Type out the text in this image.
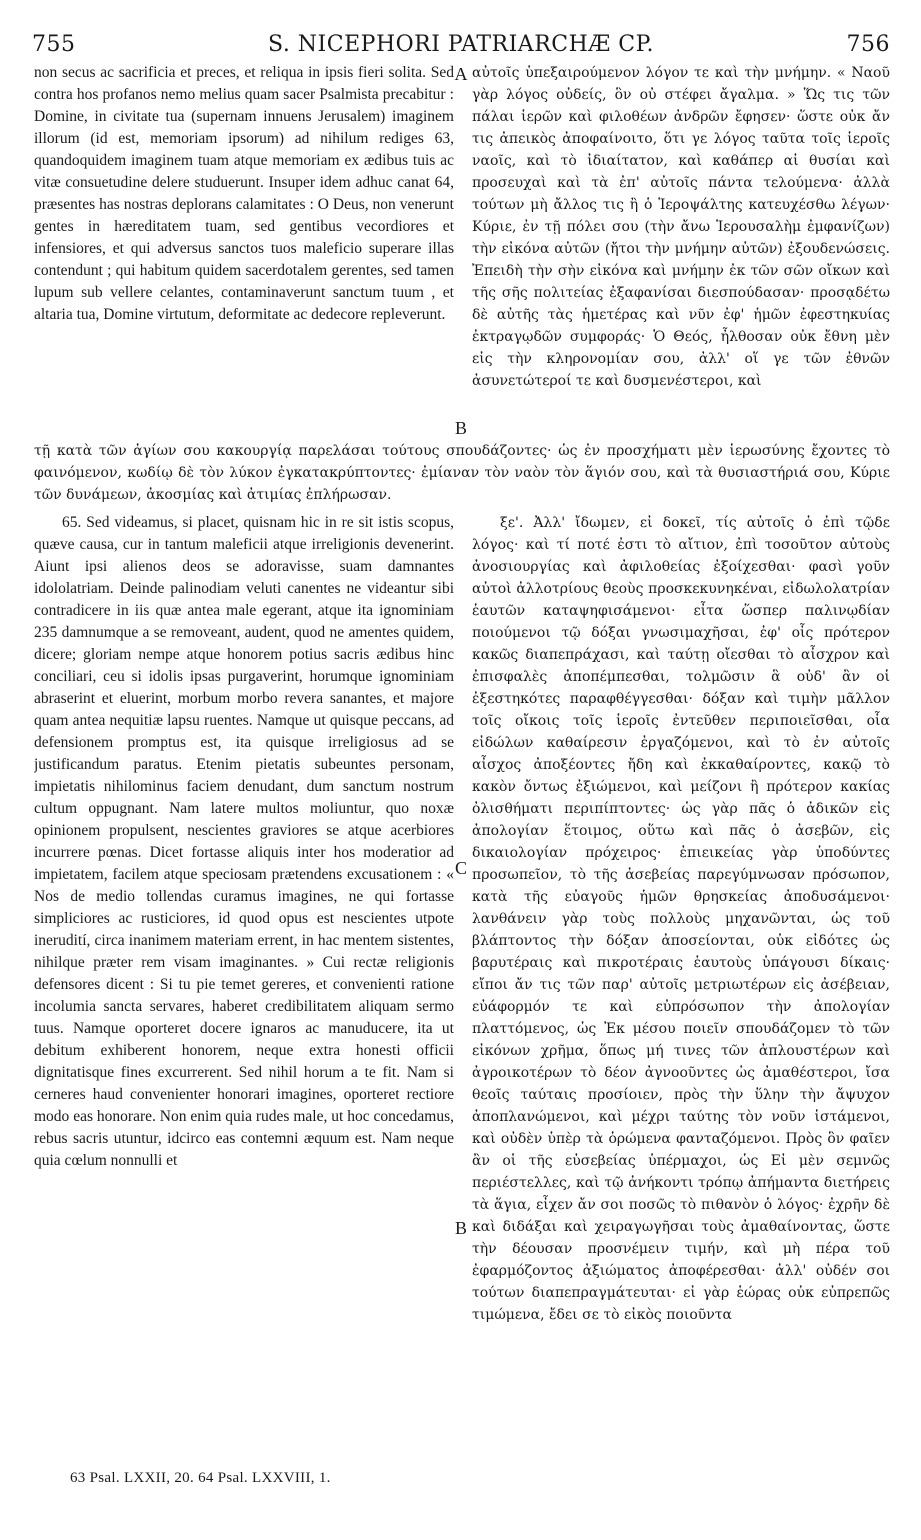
755	S. NICEPHORI PATRIARCHÆ CP.	756

non secus ac sacrificia et preces, et reliqua in ipsis fieri solita. Sed contra hos profanos nemo melius quam sacer Psalmista precabitur : Domine, in civitate tua (supernam innuens Jerusalem) imaginem illorum (id est, memoriam ipsorum) ad nihilum rediges 63, quandoquidem imaginem tuam atque memoriam ex ædibus tuis ac vitæ consuetudine delere studuerunt. Insuper idem adhuc canat 64, præsentes has nostras deplorans calamitates : O Deus, non venerunt gentes in hæreditatem tuam, sed gentibus vecordiores et infensiores, et qui adversus sanctos tuos maleficio superare illas contendunt ; qui habitum quidem sacerdotalem gerentes, sed tamen lupum sub vellere celantes, contaminaverunt sanctum tuum , et altaria tua, Domine virtutum, deformitate ac dedecore repleverunt.

αὐτοῖς ὑπεξαιρούμενον λόγον τε καὶ τὴν μνήμην. « Ναοῦ γὰρ λόγος οὐδείς, ὃν οὐ στέφει ἄγαλμα. » Ὥς τις τῶν πάλαι ἱερῶν καὶ φιλοθέων ἀνδρῶν ἔφησεν· ὥστε οὐκ ἄν τις ἀπεικὸς ἀποφαίνοιτο, ὅτι γε λόγος ταῦτα τοῖς ἱεροῖς ναοῖς, καὶ τὸ ἰδιαίτατον, καὶ καθάπερ αἱ θυσίαι καὶ προσευχαὶ καὶ τὰ ἐπ' αὐτοῖς πάντα τελούμενα· ἀλλὰ τούτων μὴ ἄλλος τις ἢ ὁ Ἱεροψάλτης κατευχέσθω λέγων· Κύριε, ἐν τῇ πόλει σου (τὴν ἄνω Ἱερουσαλὴμ ἐμφανίζων) τὴν εἰκόνα αὐτῶν (ἤτοι τὴν μνήμην αὐτῶν) ἐξουδενώσεις. Ἐπειδὴ τὴν σὴν εἰκόνα καὶ μνήμην ἐκ τῶν σῶν οἴκων καὶ τῆς σῆς πολιτείας ἐξαφανίσαι διεσπούδασαν· προσᾳδέτω δὲ αὐτῆς τὰς ἡμετέρας καὶ νῦν ἐφ' ἡμῶν ἐφεστηκυίας ἐκτραγῳδῶν συμφοράς· Ὁ Θεός, ἦλθοσαν οὐκ ἔθνη μὲν εἰς τὴν κληρονομίαν σου, ἀλλ' οἵ γε τῶν ἐθνῶν ἀσυνετώτεροί τε καὶ δυσμενέστεροι, καὶ

A
B

τῇ κατὰ τῶν ἁγίων σου κακουργίᾳ παρελάσαι τούτους σπουδάζοντες· ὡς ἐν προσχήματι μὲν ἱερωσύνης ἔχοντες τὸ φαινόμενον, κωδίῳ δὲ τὸν λύκον ἐγκατακρύπτοντες· ἐμίαναν τὸν ναὸν τὸν ἅγιόν σου, καὶ τὰ θυσιαστήριά σου, Κύριε τῶν δυνάμεων, ἀκοσμίας καὶ ἀτιμίας ἐπλήρωσαν.

65. Sed videamus, si placet, quisnam hic in re sit istis scopus, quæve causa, cur in tantum maleficii atque irreligionis devenerint. Aiunt ipsi alienos deos se adoravisse, suam damnantes idololatriam. Deinde palinodiam veluti canentes ne videantur sibi contradicere in iis quæ antea male egerant, atque ita ignominiam 235 damnumque a se removeant, audent, quod ne amentes quidem, dicere; gloriam nempe atque honorem potius sacris ædibus hinc conciliari, ceu si idolis ipsas purgaverint, horumque ignominiam abraserint et eluerint, morbum morbo revera sanantes, et majore quam antea nequitiæ lapsu ruentes. Namque ut quisque peccans, ad defensionem promptus est, ita quisque irreligiosus ad se justificandum paratus. Etenim pietatis subeuntes personam, impietatis nihilominus faciem denudant, dum sanctum nostrum cultum oppugnant. Nam latere multos moliuntur, quo noxæ opinionem propulsent, nescientes graviores se atque acerbiores incurrere pœnas. Dicet fortasse aliquis inter hos moderatior ad impietatem, facilem atque speciosam prætendens excusationem : « Nos de medio tollendas curamus imagines, ne qui fortasse simpliciores ac rusticiores, id quod opus est nescientes utpote inerudití, circa inanimem materiam errent, in hac mentem sistentes, nihilque præter rem visam imaginantes. » Cui rectæ religionis defensores dicent : Si tu pie temet gereres, et convenienti ratione incolumia sancta servares, haberet credibilitatem aliquam sermo tuus. Namque oporteret docere ignaros ac manuducere, ita ut debitum exhiberent honorem, neque extra honesti officii dignitatisque fines excurrerent. Sed nihil horum a te fit. Nam si cerneres haud convenienter honorari imagines, oporteret rectiore modo eas honorare. Non enim quia rudes male, ut hoc concedamus, rebus sacris utuntur, idcirco eas contemni æquum est. Nam neque quia cœlum nonnulli et

ξε'. Ἀλλ' ἴδωμεν, εἰ δοκεῖ, τίς αὐτοῖς ὁ ἐπὶ τῷδε λόγος· καὶ τί ποτέ ἐστι τὸ αἴτιον, ἐπὶ τοσοῦτον αὐτοὺς ἀνοσιουργίας καὶ ἀφιλοθείας ἐξοίχεσθαι· φασὶ γοῦν αὐτοὶ ἀλλοτρίους θεοὺς προσκεκυνηκέναι, εἰδωλολατρίαν ἑαυτῶν καταψηφισάμενοι· εἶτα ὥσπερ παλινῳδίαν ποιούμενοι τῷ δόξαι γνωσιμαχῆσαι, ἐφ' οἷς πρότερον κακῶς διαπεπράχασι, καὶ ταύτῃ οἴεσθαι τὸ αἶσχρον καὶ ἐπισφαλὲς ἀποπέμπεσθαι, τολμῶσιν ἃ οὐδ' ἂν οἱ ἐξεστηκότες παραφθέγγεσθαι· δόξαν καὶ τιμὴν μᾶλλον τοῖς οἴκοις τοῖς ἱεροῖς ἐντεῦθεν περιποιεῖσθαι, οἷα εἰδώλων καθαίρεσιν ἐργαζόμενοι, καὶ τὸ ἐν αὐτοῖς αἶσχος ἀποξέοντες ἤδη καὶ ἐκκαθαίροντες, κακῷ τὸ κακὸν ὄντως ἐξιώμενοι, καὶ μείζονι ἢ πρότερον κακίας ὀλισθήματι περιπίπτοντες· ὡς γὰρ πᾶς ὁ ἀδικῶν εἰς ἀπολογίαν ἕτοιμος, οὕτω καὶ πᾶς ὁ ἀσεβῶν, εἰς δικαιολογίαν πρόχειρος· ἐπιεικείας γὰρ ὑποδύντες προσωπεῖον, τὸ τῆς ἀσεβείας παρεγύμνωσαν πρόσωπον, κατὰ τῆς εὐαγοῦς ἡμῶν θρησκείας ἀποδυσάμενοι· λανθάνειν γὰρ τοὺς πολλοὺς μηχανῶνται, ὡς τοῦ βλάπτοντος τὴν δόξαν ἀποσείονται, οὐκ εἰδότες ὡς βαρυτέραις καὶ πικροτέραις ἑαυτοὺς ὑπάγουσι δίκαις· εἴποι ἄν τις τῶν παρ' αὐτοῖς μετριωτέρων εἰς ἀσέβειαν, εὐάφορμόν τε καὶ εὐπρόσωπον τὴν ἀπολογίαν πλαττόμενος, ὡς Ἐκ μέσου ποιεῖν σπουδάζομεν τὸ τῶν εἰκόνων χρῆμα, ὅπως μή τινες τῶν ἀπλουστέρων καὶ ἀγροικοτέρων τὸ δέον ἀγνοοῦντες ὡς ἀμαθέστεροι, ἴσα θεοῖς ταύταις προσίοιεν, πρὸς τὴν ὕλην τὴν ἄψυχον ἀποπλανώμενοι, καὶ μέχρι ταύτης τὸν νοῦν ἱστάμενοι, καὶ οὐδὲν ὑπὲρ τὰ ὁρώμενα φανταζόμενοι. Πρὸς ὃν φαῖεν ἂν οἱ τῆς εὐσεβείας ὑπέρμαχοι, ὡς Εἰ μὲν σεμνῶς περιέστελλες, καὶ τῷ ἀνήκοντι τρόπῳ ἀπήμαντα διετήρεις τὰ ἅγια, εἶχεν ἄν σοι ποσῶς τὸ πιθανὸν ὁ λόγος· ἐχρῆν δὲ καὶ διδάξαι καὶ χειραγωγῆσαι τοὺς ἀμαθαίνοντας, ὥστε τὴν δέουσαν προσνέμειν τιμήν, καὶ μὴ πέρα τοῦ ἐφαρμόζοντος ἀξιώματος ἀποφέρεσθαι· ἀλλ' οὐδέν σοι τούτων διαπεπραγμάτευται· εἰ γὰρ ἑώρας οὐκ εὐπρεπῶς τιμώμενα, ἔδει σε τὸ εἰκὸς ποιοῦντα

C
B
63 Psal. LXXII, 20. 64 Psal. LXXVIII, 1.
